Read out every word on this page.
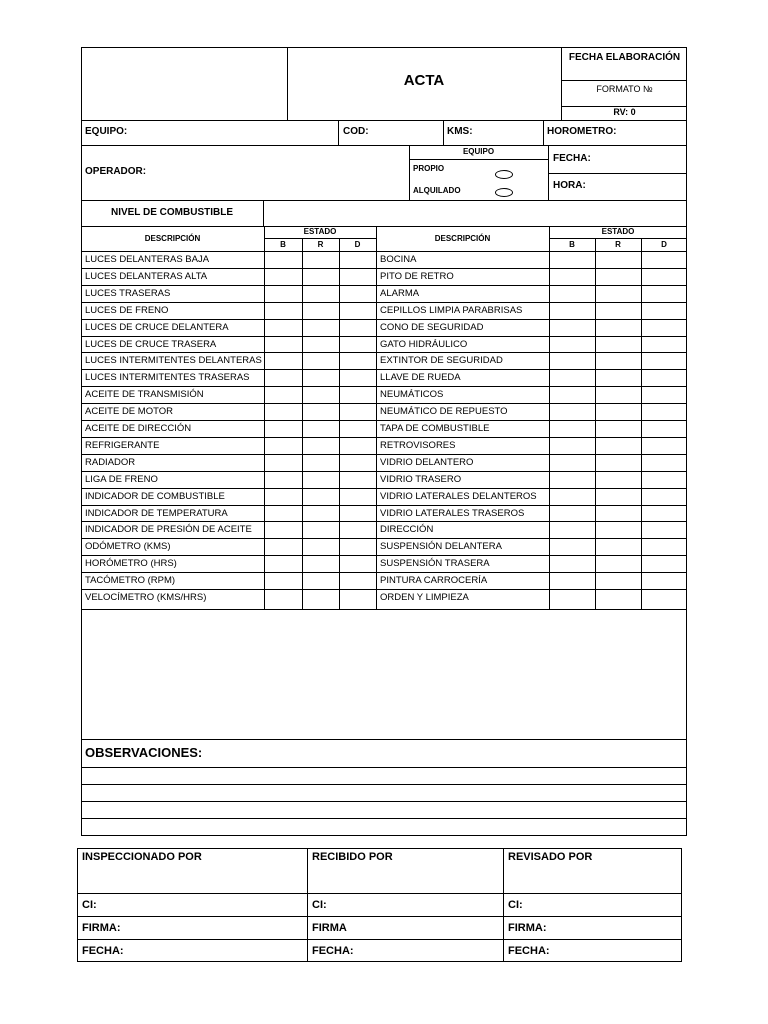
ACTA
FECHA ELABORACIÓN
FORMATO №
RV: 0
EQUIPO:	COD:	KMS:	HOROMETRO:
OPERADOR:
EQUIPO
PROPIO
ALQUILADO
FECHA:
HORA:
NIVEL DE COMBUSTIBLE
DESCRIPCIÓN
ESTADO
B	R	D
DESCRIPCIÓN
ESTADO
B	R	D
LUCES DELANTERAS BAJA	BOCINA
LUCES DELANTERAS ALTA	PITO DE RETRO
LUCES TRASERAS	ALARMA
LUCES DE FRENO	CEPILLOS LIMPIA PARABRISAS
LUCES DE CRUCE DELANTERA	CONO DE SEGURIDAD
LUCES DE CRUCE TRASERA	GATO HIDRÁULICO
LUCES INTERMITENTES DELANTERAS	EXTINTOR DE SEGURIDAD
LUCES INTERMITENTES TRASERAS	LLAVE DE RUEDA
ACEITE DE TRANSMISIÓN	NEUMÁTICOS
ACEITE DE MOTOR	NEUMÁTICO DE REPUESTO
ACEITE DE DIRECCIÓN	TAPA DE COMBUSTIBLE
REFRIGERANTE	RETROVISORES
RADIADOR	VIDRIO DELANTERO
LIGA DE FRENO	VIDRIO TRASERO
INDICADOR DE COMBUSTIBLE	VIDRIO LATERALES DELANTEROS
INDICADOR DE TEMPERATURA	VIDRIO LATERALES TRASEROS
INDICADOR DE PRESIÓN DE ACEITE	DIRECCIÓN
ODÓMETRO (KMS)	SUSPENSIÓN DELANTERA
HORÓMETRO (HRS)	SUSPENSIÓN TRASERA
TACÓMETRO (RPM)	PINTURA CARROCERÍA
VELOCÍMETRO (KMS/HRS)	ORDEN Y LIMPIEZA
OBSERVACIONES:
INSPECCIONADO POR	RECIBIDO POR	REVISADO POR
CI:	CI:	CI:
FIRMA:	FIRMA	FIRMA:
FECHA:	FECHA:	FECHA:
